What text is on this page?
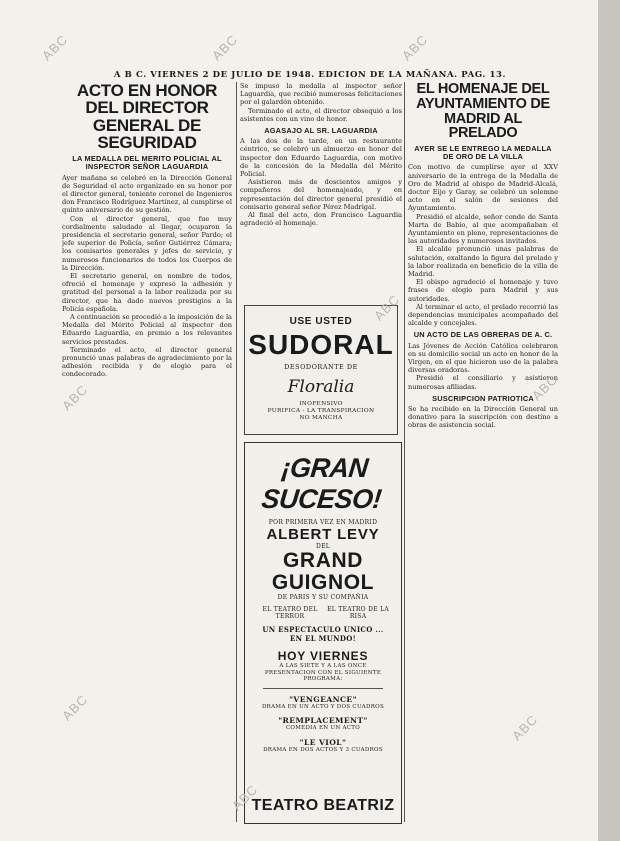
A B C. VIERNES 2 DE JULIO DE 1948. EDICION DE LA MAÑANA. PAG. 13.
ACTO EN HONOR DEL DIRECTOR GENERAL DE SEGURIDAD
LA MEDALLA DEL MERITO POLICIAL AL INSPECTOR SEÑOR LAGUARDIA

Ayer mañana se celebró en la Dirección General de Seguridad el acto organizado en su honor por el director general, teniente coronel de Ingenieros don Francisco Rodríguez Martínez, al cumplirse el quinto aniversario de su gestión.

Con el director general, que fue muy cordialmente saludado al llegar, ocuparon la presidencia el secretario general, señor Pardo; el jefe superior de Policía, señor Gutiérrez Cámara; los comisarios generales y jefes de servicio, y numerosos funcionarios de todos los Cuerpos de la Dirección.

El secretario general, en nombre de todos, ofreció el homenaje y expresó la adhesión y gratitud del personal a la labor realizada por su director, que ha dado nuevos prestigios a la Policía española.

A continuación se procedió a la imposición de la Medalla del Mérito Policial al inspector don Eduardo Laguardia, en premio a los relevantes servicios prestados.

Terminado el acto, el director general pronunció unas palabras de agradecimiento por la adhesión recibida y de elogio para el condecorado.

Se impuso la medalla al inspector señor Laguardia, que recibió numerosas felicitaciones por el galardón obtenido.

Terminado el acto, el director obsequió a los asistentes con un vino de honor.

AGASAJO AL SR. LAGUARDIA

A las dos de la tarde, en un restaurante céntrico, se celebró un almuerzo en honor del inspector don Eduardo Laguardia, con motivo de la concesión de la Medalla del Mérito Policial.

Asistieron más de doscientos amigos y compañeros del homenajeado, y en representación del director general presidió el comisario general señor Pérez Madrigal.

Al final del acto, don Francisco Laguardia agradeció el homenaje.

USE USTED
SUDORAL
DESODORANTE DE
Floralia
INOFENSIVO
PURIFICA - LA TRANSPIRACION
NO MANCHA
¡GRAN SUCESO!
POR PRIMERA VEZ EN MADRID
ALBERT LEVY
DEL
GRAND GUIGNOL
DE PARIS Y SU COMPAÑIA
EL TEATRO DEL TERROR
EL TEATRO DE LA RISA
UN ESPECTACULO UNICO ...
EN EL MUNDO!
HOY VIERNES
A LAS SIETE Y A LAS ONCE
PRESENTACION CON EL SIGUIENTE PROGRAMA:
"VENGEANCE"
DRAMA EN UN ACTO Y DOS CUADROS
"REMPLACEMENT"
COMEDIA EN UN ACTO
"LE VIOL"
DRAMA EN DOS ACTOS Y 3 CUADROS
TEATRO BEATRIZ
EL HOMENAJE DEL AYUNTAMIENTO DE MADRID AL PRELADO
AYER SE LE ENTREGO LA MEDALLA DE ORO DE LA VILLA

Con motivo de cumplirse ayer el XXV aniversario de la entrega de la Medalla de Oro de Madrid al obispo de Madrid-Alcalá, doctor Eijo y Garay, se celebró un solemne acto en el salón de sesiones del Ayuntamiento.

Presidió el alcalde, señor conde de Santa Marta de Babío, al que acompañaban el Ayuntamiento en pleno, representaciones de las autoridades y numerosos invitados.

El alcalde pronunció unas palabras de salutación, exaltando la figura del prelado y la labor realizada en beneficio de la villa de Madrid.

El obispo agradeció el homenaje y tuvo frases de elogio para Madrid y sus autoridades.

Al terminar el acto, el prelado recorrió las dependencias municipales acompañado del alcalde y concejales.

UN ACTO DE LAS OBRERAS DE A. C.

Las Jóvenes de Acción Católica celebraron en su domicilio social un acto en honor de la Virgen, en el que hicieron uso de la palabra diversas oradoras.

Presidió el consiliario y asistieron numerosas afiliadas.

SUSCRIPCION PATRIOTICA

Se ha recibido en la Dirección General un donativo para la suscripción con destino a obras de asistencia social.

ABC	ABC	ABC
ABC
ABC
ABC
ABC
ABC
ABC
